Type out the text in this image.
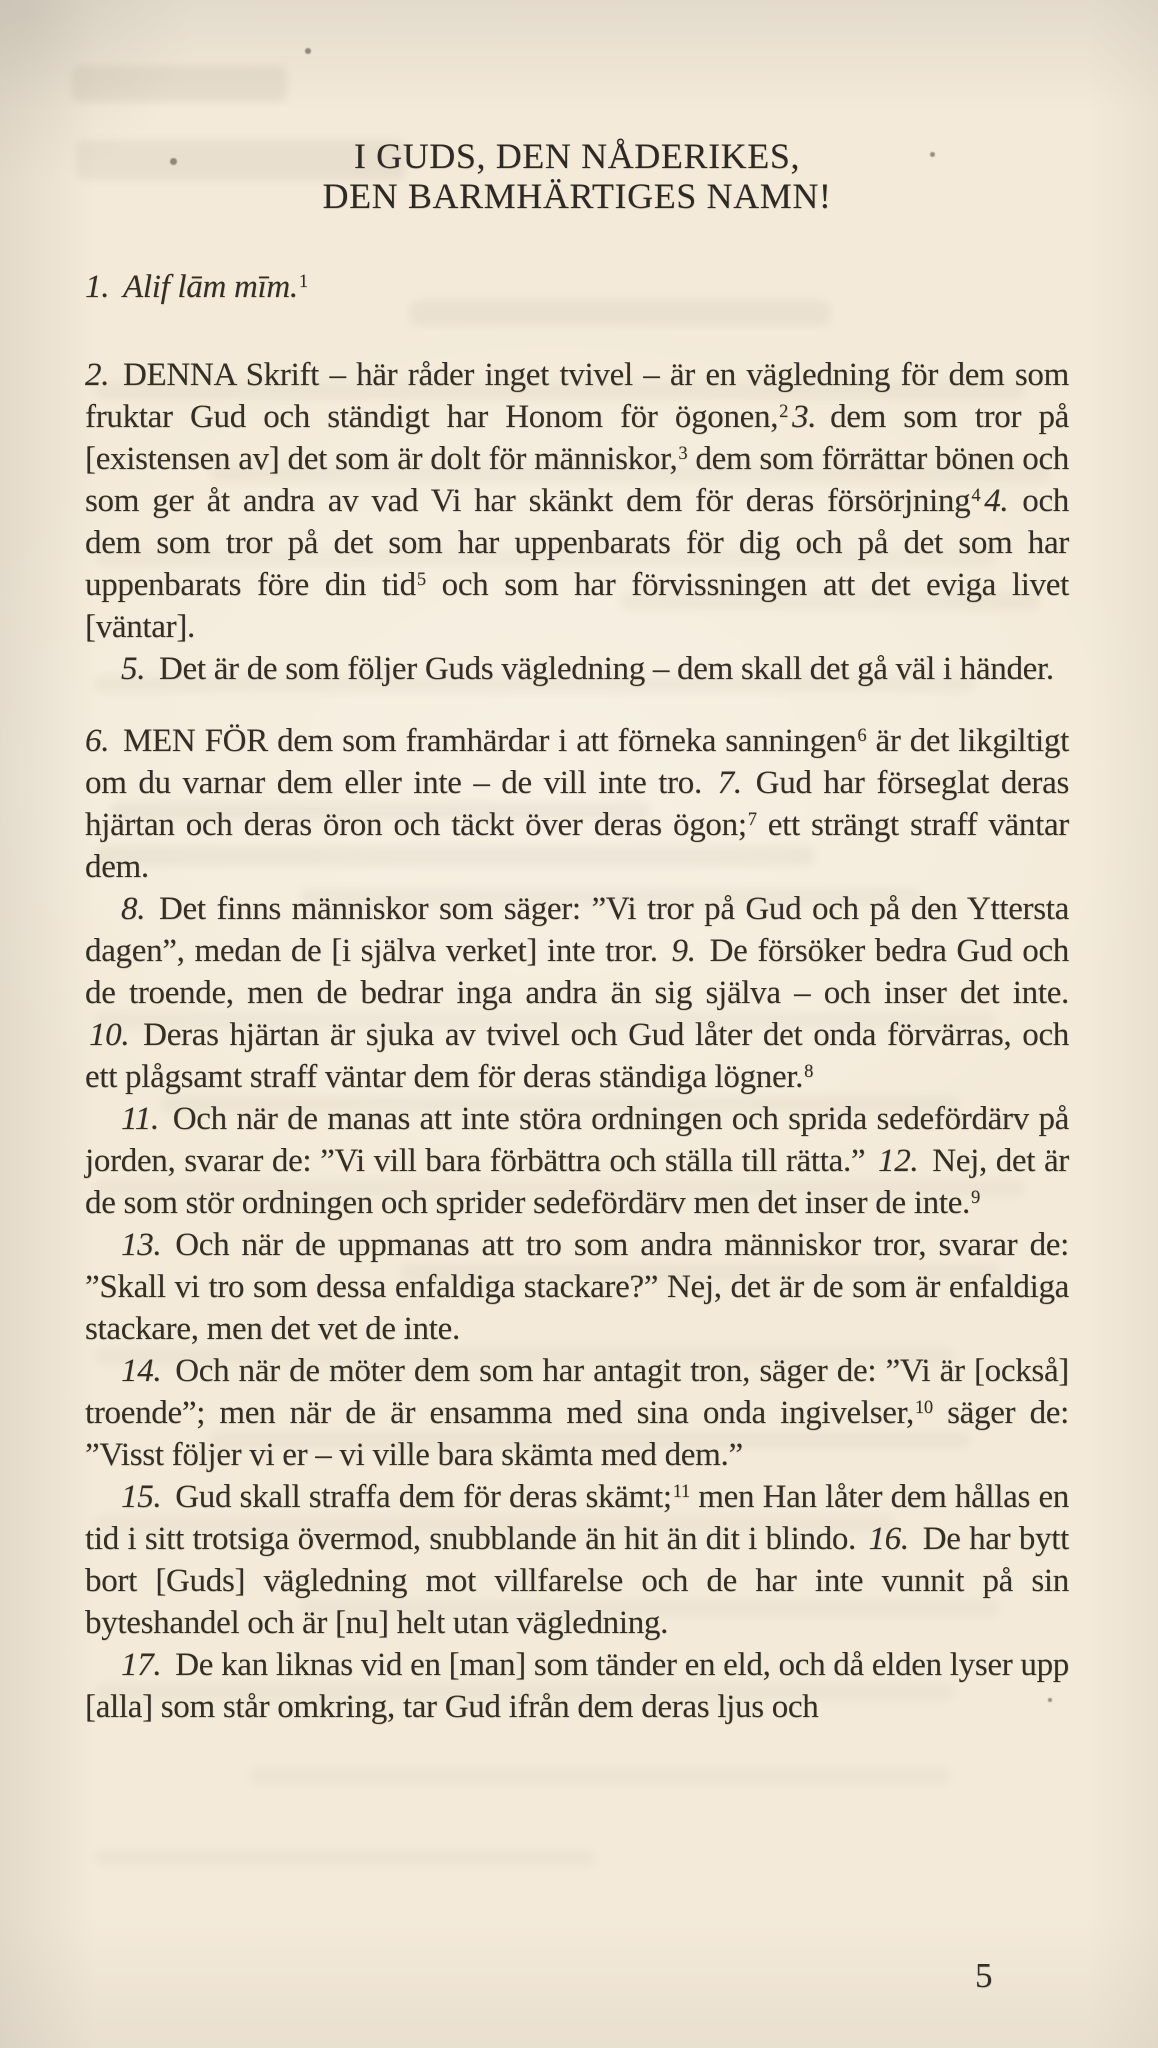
I GUDS, DEN NÅDERIKES,
DEN BARMHÄRTIGES NAMN!

1. Alif lām mīm.$^1$

2. DENNA Skrift – här råder inget tvivel – är en vägledning för dem som fruktar Gud och ständigt har Honom för ögonen,$^2$ 3. dem som tror på [existensen av] det som är dolt för människor,$^3$ dem som förrättar bönen och som ger åt andra av vad Vi har skänkt dem för deras försörjning$^4$ 4. och dem som tror på det som har uppenbarats för dig och på det som har uppenbarats före din tid$^5$ och som har förvissningen att det eviga livet [väntar].

5. Det är de som följer Guds vägledning – dem skall det gå väl i händer.

6. MEN FÖR dem som framhärdar i att förneka sanningen$^6$ är det likgiltigt om du varnar dem eller inte – de vill inte tro. 7. Gud har förseglat deras hjärtan och deras öron och täckt över deras ögon;$^7$ ett strängt straff väntar dem.

8. Det finns människor som säger: ”Vi tror på Gud och på den Yttersta dagen”, medan de [i själva verket] inte tror. 9. De försöker bedra Gud och de troende, men de bedrar inga andra än sig själva – och inser det inte. 10. Deras hjärtan är sjuka av tvivel och Gud låter det onda förvärras, och ett plågsamt straff väntar dem för deras ständiga lögner.$^8$

11. Och när de manas att inte störa ordningen och sprida sedefördärv på jorden, svarar de: ”Vi vill bara förbättra och ställa till rätta.” 12. Nej, det är de som stör ordningen och sprider sedefördärv men det inser de inte.$^9$

13. Och när de uppmanas att tro som andra människor tror, svarar de: ”Skall vi tro som dessa enfaldiga stackare?” Nej, det är de som är enfaldiga stackare, men det vet de inte.

14. Och när de möter dem som har antagit tron, säger de: ”Vi är [också] troende”; men när de är ensamma med sina onda ingivelser,$^{10}$ säger de: ”Visst följer vi er – vi ville bara skämta med dem.”

15. Gud skall straffa dem för deras skämt;$^{11}$ men Han låter dem hållas en tid i sitt trotsiga övermod, snubblande än hit än dit i blindo. 16. De har bytt bort [Guds] vägledning mot villfarelse och de har inte vunnit på sin byteshandel och är [nu] helt utan vägledning.

17. De kan liknas vid en [man] som tänder en eld, och då elden lyser upp [alla] som står omkring, tar Gud ifrån dem deras ljus och

5
